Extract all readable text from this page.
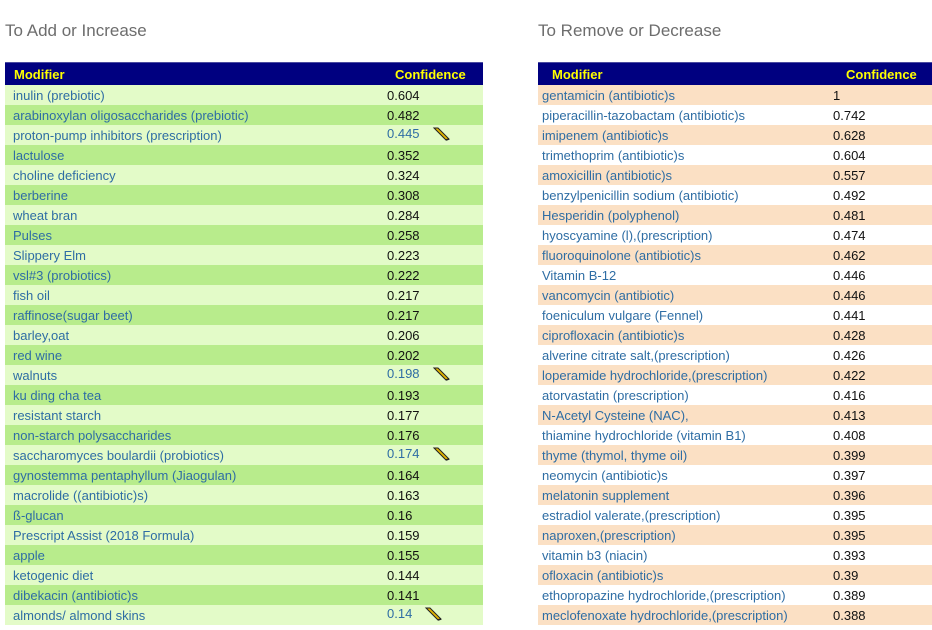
To Add or Increase
Modifier	Confidence
inulin (prebiotic)	0.604
arabinoxylan oligosaccharides (prebiotic)	0.482
proton-pump inhibitors (prescription)	0.445
lactulose	0.352
choline deficiency	0.324
berberine	0.308
wheat bran	0.284
Pulses	0.258
Slippery Elm	0.223
vsl#3 (probiotics)	0.222
fish oil	0.217
raffinose(sugar beet)	0.217
barley,oat	0.206
red wine	0.202
walnuts	0.198
ku ding cha tea	0.193
resistant starch	0.177
non-starch polysaccharides	0.176
saccharomyces boulardii (probiotics)	0.174
gynostemma pentaphyllum (Jiaogulan)	0.164
macrolide ((antibiotic)s)	0.163
ß-glucan	0.16
Prescript Assist (2018 Formula)	0.159
apple	0.155
ketogenic diet	0.144
dibekacin (antibiotic)s	0.141
almonds/ almond skins	0.14
To Remove or Decrease
Modifier	Confidence
gentamicin (antibiotic)s	1
piperacillin-tazobactam (antibiotic)s	0.742
imipenem (antibiotic)s	0.628
trimethoprim (antibiotic)s	0.604
amoxicillin (antibiotic)s	0.557
benzylpenicillin sodium (antibiotic)	0.492
Hesperidin (polyphenol)	0.481
hyoscyamine (l),(prescription)	0.474
fluoroquinolone (antibiotic)s	0.462
Vitamin B-12	0.446
vancomycin (antibiotic)	0.446
foeniculum vulgare (Fennel)	0.441
ciprofloxacin (antibiotic)s	0.428
alverine citrate salt,(prescription)	0.426
loperamide hydrochloride,(prescription)	0.422
atorvastatin (prescription)	0.416
N-Acetyl Cysteine (NAC),	0.413
thiamine hydrochloride (vitamin B1)	0.408
thyme (thymol, thyme oil)	0.399
neomycin (antibiotic)s	0.397
melatonin supplement	0.396
estradiol valerate,(prescription)	0.395
naproxen,(prescription)	0.395
vitamin b3 (niacin)	0.393
ofloxacin (antibiotic)s	0.39
ethopropazine hydrochloride,(prescription)	0.389
meclofenoxate hydrochloride,(prescription)	0.388
